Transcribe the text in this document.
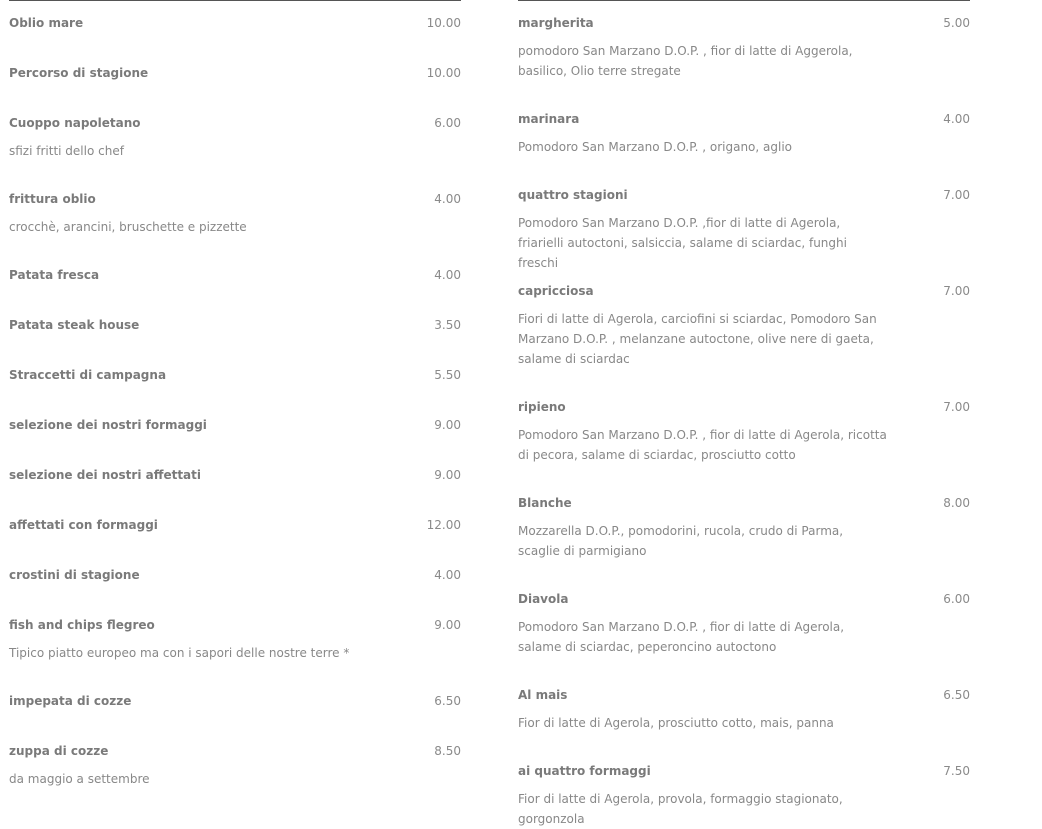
Oblio mare	10.00
Percorso di stagione	10.00
Cuoppo napoletano	6.00
sfizi fritti dello chef
frittura oblio	4.00
crocchè, arancini, bruschette e pizzette
Patata fresca	4.00
Patata steak house	3.50
Straccetti di campagna	5.50
selezione dei nostri formaggi	9.00
selezione dei nostri affettati	9.00
affettati con formaggi	12.00
crostini di stagione	4.00
fish and chips flegreo	9.00
Tipico piatto europeo ma con i sapori delle nostre terre *
impepata di cozze	6.50
zuppa di cozze	8.50
da maggio a settembre
margherita	5.00
pomodoro San Marzano D.O.P. , fior di latte di Aggerola, basilico, Olio terre stregate
marinara	4.00
Pomodoro San Marzano D.O.P. , origano, aglio
quattro stagioni	7.00
Pomodoro San Marzano D.O.P. ,fior di latte di Agerola, friarielli autoctoni, salsiccia, salame di sciardac, funghi freschi
capricciosa	7.00
Fiori di latte di Agerola, carciofini si sciardac, Pomodoro San Marzano D.O.P. , melanzane autoctone, olive nere di gaeta, salame di sciardac
ripieno	7.00
Pomodoro San Marzano D.O.P. , fior di latte di Agerola, ricotta di pecora, salame di sciardac, prosciutto cotto
Blanche	8.00
Mozzarella D.O.P., pomodorini, rucola, crudo di Parma, scaglie di parmigiano
Diavola	6.00
Pomodoro San Marzano D.O.P. , fior di latte di Agerola, salame di sciardac, peperoncino autoctono
Al mais	6.50
Fior di latte di Agerola, prosciutto cotto, mais, panna
ai quattro formaggi	7.50
Fior di latte di Agerola, provola, formaggio stagionato, gorgonzola
